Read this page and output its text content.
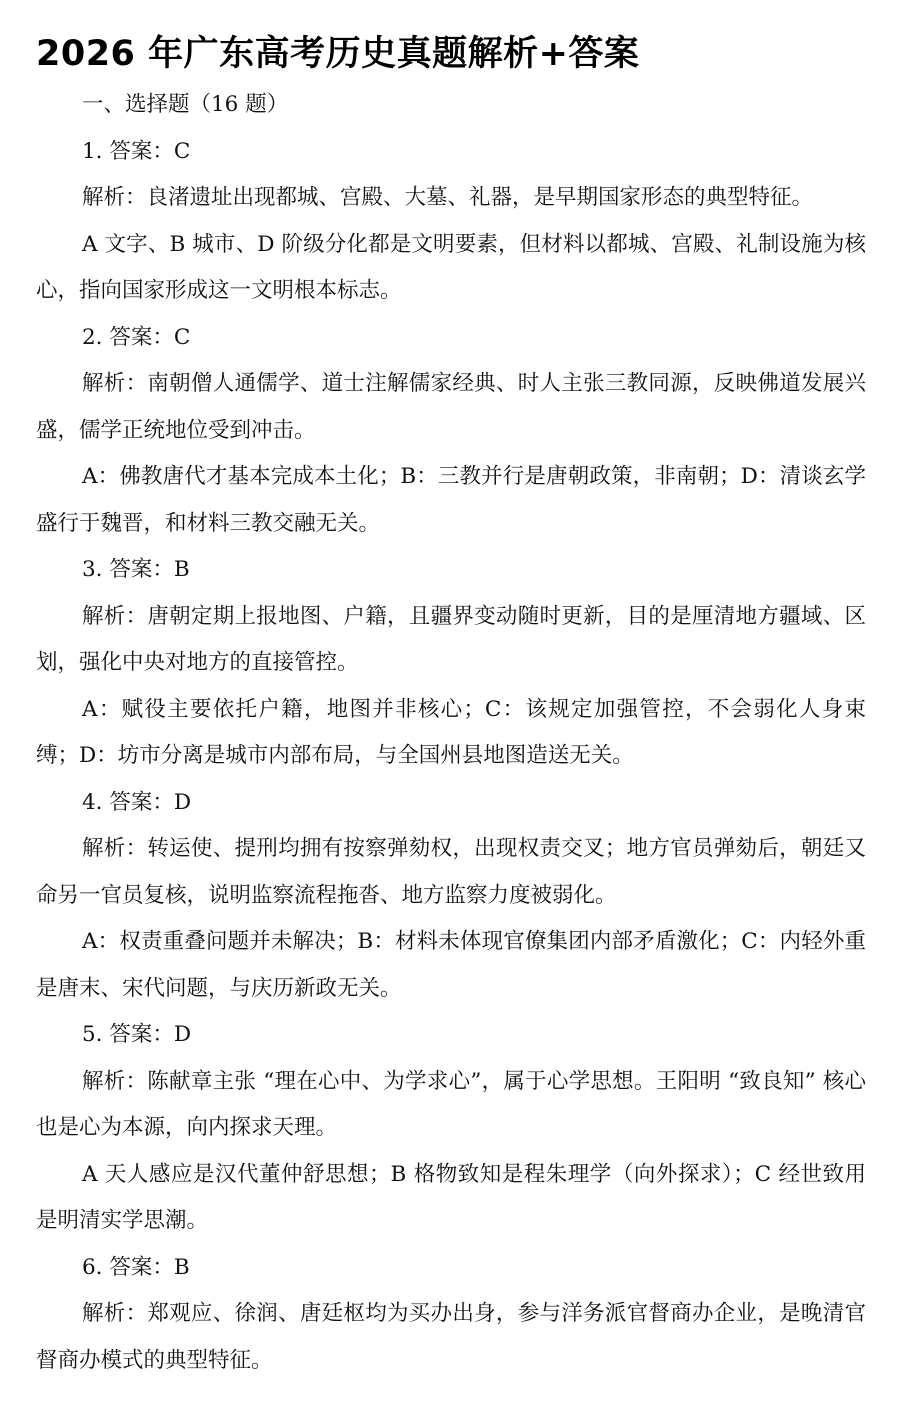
2026 年广东高考历史真题解析+答案

一、选择题（16 题）

1. 答案：C

解析：良渚遗址出现都城、宫殿、大墓、礼器，是早期国家形态的典型特征。

A 文字、B 城市、D 阶级分化都是文明要素，但材料以都城、宫殿、礼制设施为核心，指向国家形成这一文明根本标志。

2. 答案：C

解析：南朝僧人通儒学、道士注解儒家经典、时人主张三教同源，反映佛道发展兴盛，儒学正统地位受到冲击。

A：佛教唐代才基本完成本土化；B：三教并行是唐朝政策，非南朝；D：清谈玄学盛行于魏晋，和材料三教交融无关。

3. 答案：B

解析：唐朝定期上报地图、户籍，且疆界变动随时更新，目的是厘清地方疆域、区划，强化中央对地方的直接管控。

A：赋役主要依托户籍，地图并非核心；C：该规定加强管控，不会弱化人身束缚；D：坊市分离是城市内部布局，与全国州县地图造送无关。

4. 答案：D

解析：转运使、提刑均拥有按察弹劾权，出现权责交叉；地方官员弹劾后，朝廷又命另一官员复核，说明监察流程拖沓、地方监察力度被弱化。

A：权责重叠问题并未解决；B：材料未体现官僚集团内部矛盾激化；C：内轻外重是唐末、宋代问题，与庆历新政无关。

5. 答案：D

解析：陈献章主张 “理在心中、为学求心”，属于心学思想。王阳明 “致良知” 核心也是心为本源，向内探求天理。

A 天人感应是汉代董仲舒思想；B 格物致知是程朱理学（向外探求）；C 经世致用是明清实学思潮。

6. 答案：B

解析：郑观应、徐润、唐廷枢均为买办出身，参与洋务派官督商办企业，是晚清官督商办模式的典型特征。
